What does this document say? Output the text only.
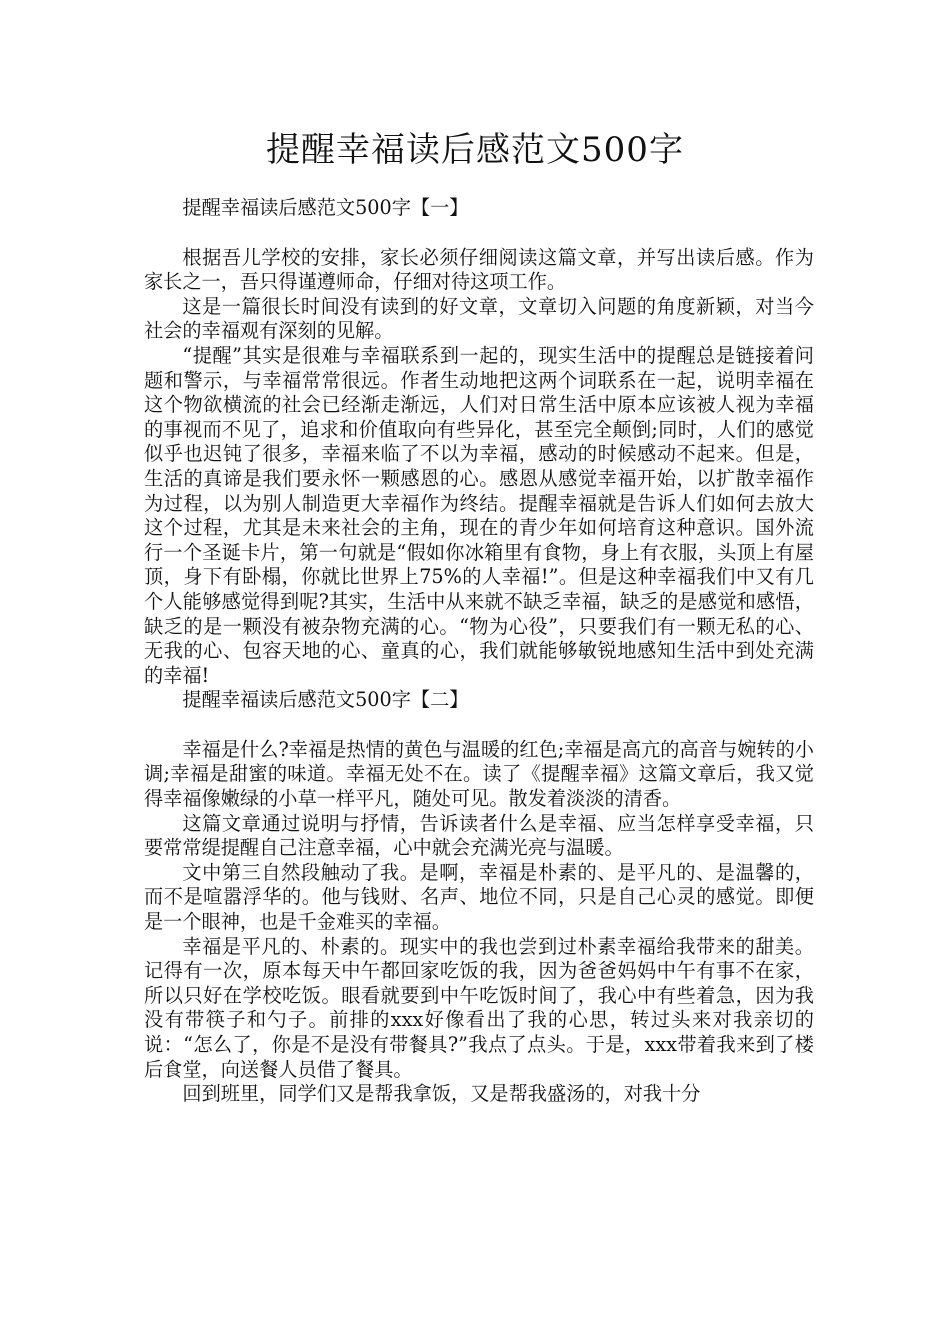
提醒幸福读后感范文500字

提醒幸福读后感范文500字【一】

根据吾儿学校的安排，家长必须仔细阅读这篇文章，并写出读后感。作为家长之一，吾只得谨遵师命，仔细对待这项工作。

这是一篇很长时间没有读到的好文章，文章切入问题的角度新颖，对当今社会的幸福观有深刻的见解。

“提醒”其实是很难与幸福联系到一起的，现实生活中的提醒总是链接着问题和警示，与幸福常常很远。作者生动地把这两个词联系在一起，说明幸福在这个物欲横流的社会已经渐走渐远，人们对日常生活中原本应该被人视为幸福的事视而不见了，追求和价值取向有些异化，甚至完全颠倒;同时，人们的感觉似乎也迟钝了很多，幸福来临了不以为幸福，感动的时候感动不起来。但是，生活的真谛是我们要永怀一颗感恩的心。感恩从感觉幸福开始，以扩散幸福作为过程，以为别人制造更大幸福作为终结。提醒幸福就是告诉人们如何去放大这个过程，尤其是未来社会的主角，现在的青少年如何培育这种意识。国外流行一个圣诞卡片，第一句就是“假如你冰箱里有食物，身上有衣服，头顶上有屋顶，身下有卧榻，你就比世界上75%的人幸福!”。但是这种幸福我们中又有几个人能够感觉得到呢?其实，生活中从来就不缺乏幸福，缺乏的是感觉和感悟，缺乏的是一颗没有被杂物充满的心。“物为心役”，只要我们有一颗无私的心、无我的心、包容天地的心、童真的心，我们就能够敏锐地感知生活中到处充满的幸福!

提醒幸福读后感范文500字【二】

幸福是什么?幸福是热情的黄色与温暖的红色;幸福是高亢的高音与婉转的小调;幸福是甜蜜的味道。幸福无处不在。读了《提醒幸福》这篇文章后，我又觉得幸福像嫩绿的小草一样平凡，随处可见。散发着淡淡的清香。

这篇文章通过说明与抒情，告诉读者什么是幸福、应当怎样享受幸福，只要常常缇提醒自己注意幸福，心中就会充满光亮与温暖。

文中第三自然段触动了我。是啊，幸福是朴素的、是平凡的、是温馨的，而不是喧嚣浮华的。他与钱财、名声、地位不同，只是自己心灵的感觉。即便是一个眼神，也是千金难买的幸福。

幸福是平凡的、朴素的。现实中的我也尝到过朴素幸福给我带来的甜美。记得有一次，原本每天中午都回家吃饭的我，因为爸爸妈妈中午有事不在家，所以只好在学校吃饭。眼看就要到中午吃饭时间了，我心中有些着急，因为我没有带筷子和勺子。前排的xxx好像看出了我的心思，转过头来对我亲切的说：“怎么了，你是不是没有带餐具?”我点了点头。于是，xxx带着我来到了楼后食堂，向送餐人员借了餐具。

回到班里，同学们又是帮我拿饭，又是帮我盛汤的，对我十分
